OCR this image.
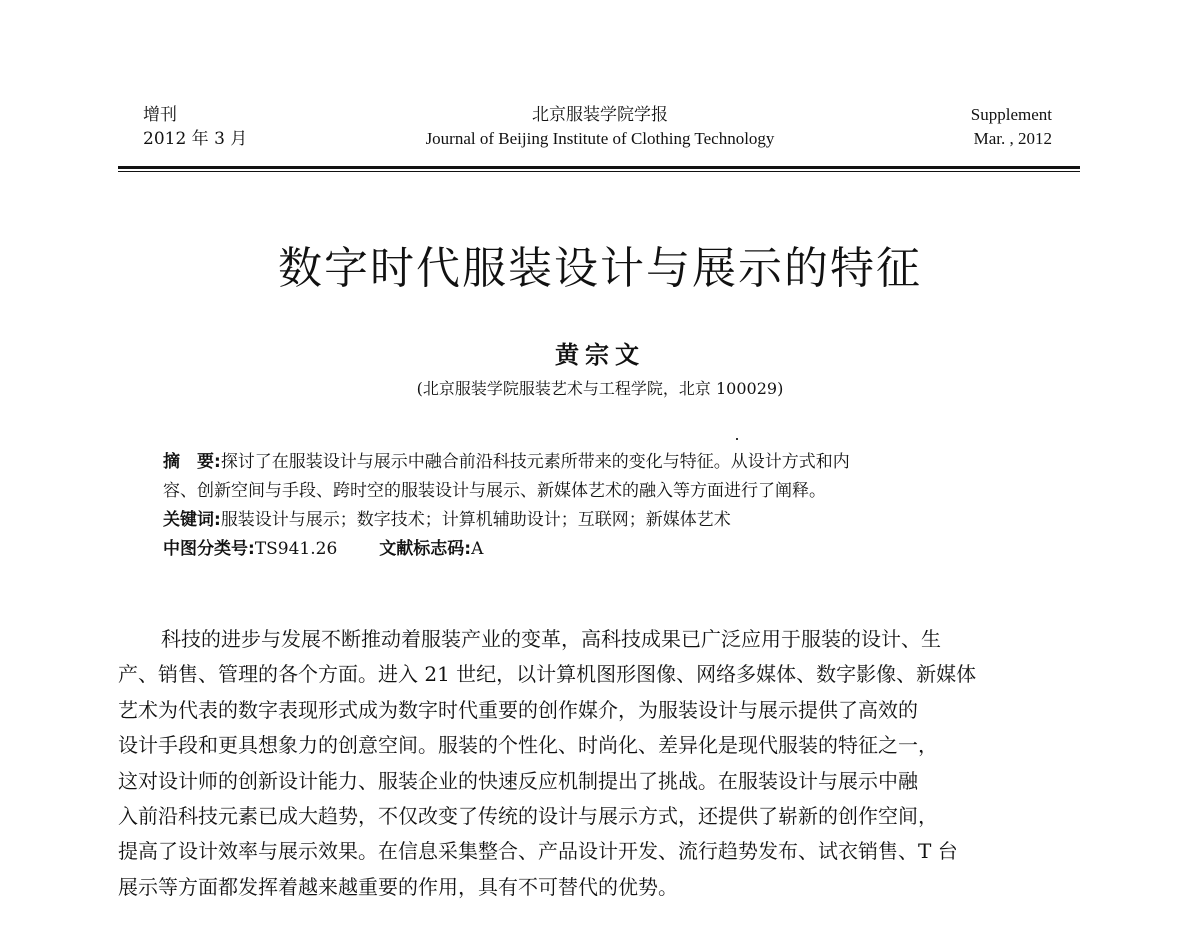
增刊
2012 年 3 月
北京服装学院学报
Journal of Beijing Institute of Clothing Technology
Supplement
Mar. , 2012
数字时代服装设计与展示的特征
黄宗文
(北京服装学院服装艺术与工程学院，北京 100029)
摘　要:探讨了在服装设计与展示中融合前沿科技元素所带来的变化与特征。从设计方式和内
容、创新空间与手段、跨时空的服装设计与展示、新媒体艺术的融入等方面进行了阐释。
关键词:服装设计与展示；数字技术；计算机辅助设计；互联网；新媒体艺术
中图分类号:TS941.26 文献标志码:A
科技的进步与发展不断推动着服装产业的变革，高科技成果已广泛应用于服装的设计、生
产、销售、管理的各个方面。进入 21 世纪，以计算机图形图像、网络多媒体、数字影像、新媒体
艺术为代表的数字表现形式成为数字时代重要的创作媒介，为服装设计与展示提供了高效的
设计手段和更具想象力的创意空间。服装的个性化、时尚化、差异化是现代服装的特征之一，
这对设计师的创新设计能力、服装企业的快速反应机制提出了挑战。在服装设计与展示中融
入前沿科技元素已成大趋势，不仅改变了传统的设计与展示方式，还提供了崭新的创作空间，
提高了设计效率与展示效果。在信息采集整合、产品设计开发、流行趋势发布、试衣销售、T 台
展示等方面都发挥着越来越重要的作用，具有不可替代的优势。
